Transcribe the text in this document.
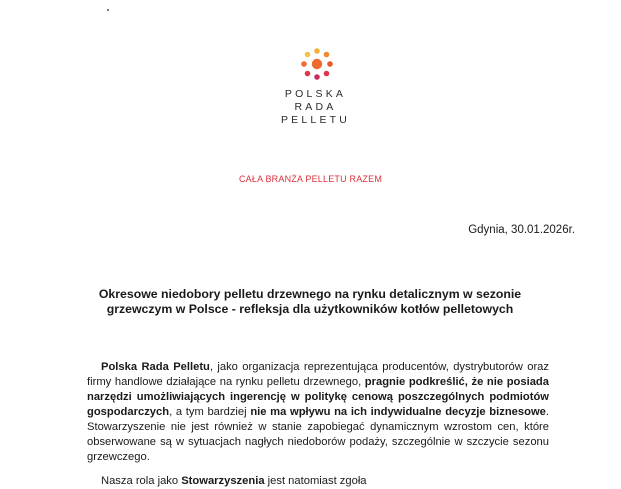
POLSKA
RADA
PELLETU
CAŁA BRANŻA PELLETU RAZEM
Gdynia, 30.01.2026r.
Okresowe niedobory pelletu drzewnego na rynku detalicznym w sezonie
grzewczym w Polsce - refleksja dla użytkowników kotłów pelletowych
Polska Rada Pelletu, jako organizacja reprezentująca producentów, dystrybutorów oraz firmy handlowe działające na rynku pelletu drzewnego, pragnie podkreślić, że nie posiada narzędzi umożliwiających ingerencję w politykę cenową poszczególnych podmiotów gospodarczych, a tym bardziej nie ma wpływu na ich indywidualne decyzje biznesowe. Stowarzyszenie nie jest również w stanie zapobiegać dynamicznym wzrostom cen, które obserwowane są w sytuacjach nagłych niedoborów podaży, szczególnie w szczycie sezonu grzewczego.
Nasza rola jako Stowarzyszenia jest natomiast zgoła
